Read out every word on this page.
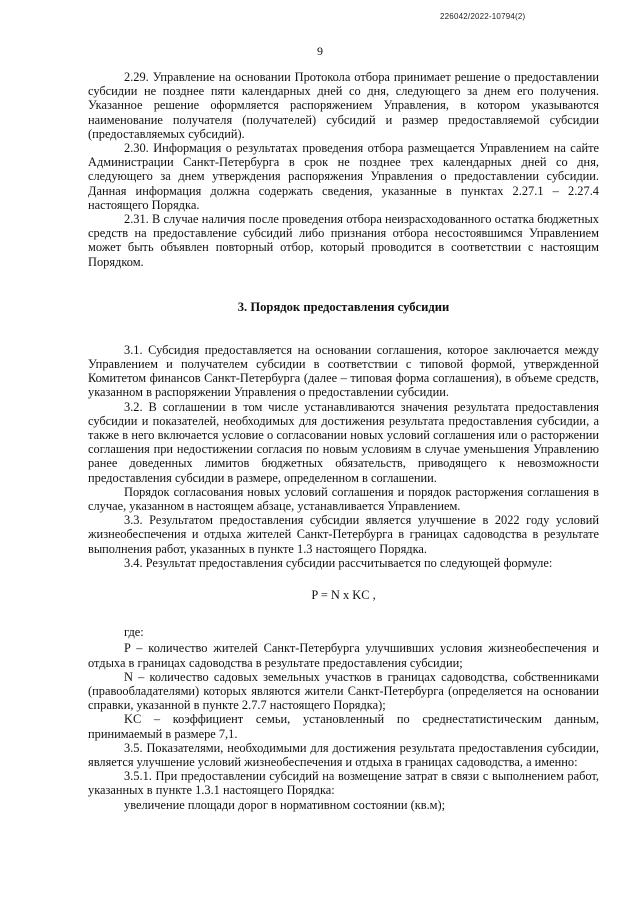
226042/2022-10794(2)
9

2.29. Управление на основании Протокола отбора принимает решение о предоставлении субсидии не позднее пяти календарных дней со дня, следующего за днем его получения. Указанное решение оформляется распоряжением Управления, в котором указываются наименование получателя (получателей) субсидий и размер предоставляемой субсидии (предоставляемых субсидий).

2.30. Информация о результатах проведения отбора размещается Управлением на сайте Администрации Санкт-Петербурга в срок не позднее трех календарных дней со дня, следующего за днем утверждения распоряжения Управления о предоставлении субсидии. Данная информация должна содержать сведения, указанные в пунктах 2.27.1 – 2.27.4 настоящего Порядка.

2.31. В случае наличия после проведения отбора неизрасходованного остатка бюджетных средств на предоставление субсидий либо признания отбора несостоявшимся Управлением может быть объявлен повторный отбор, который проводится в соответствии с настоящим Порядком.

3. Порядок предоставления субсидии

3.1. Субсидия предоставляется на основании соглашения, которое заключается между Управлением и получателем субсидии в соответствии с типовой формой, утвержденной Комитетом финансов Санкт-Петербурга (далее – типовая форма соглашения), в объеме средств, указанном в распоряжении Управления о предоставлении субсидии.

3.2. В соглашении в том числе устанавливаются значения результата предоставления субсидии и показателей, необходимых для достижения результата предоставления субсидии, а также в него включается условие о согласовании новых условий соглашения или о расторжении соглашения при недостижении согласия по новым условиям в случае уменьшения Управлению ранее доведенных лимитов бюджетных обязательств, приводящего к невозможности предоставления субсидии в размере, определенном в соглашении.

Порядок согласования новых условий соглашения и порядок расторжения соглашения в случае, указанном в настоящем абзаце, устанавливается Управлением.

3.3. Результатом предоставления субсидии является улучшение в 2022 году условий жизнеобеспечения и отдыха жителей Санкт-Петербурга в границах садоводства в результате выполнения работ, указанных в пункте 1.3 настоящего Порядка.

3.4. Результат предоставления субсидии рассчитывается по следующей формуле:

P = N x KC ,

где:

P – количество жителей Санкт-Петербурга улучшивших условия жизнеобеспечения и отдыха в границах садоводства в результате предоставления субсидии;

N – количество садовых земельных участков в границах садоводства, собственниками (правообладателями) которых являются жители Санкт-Петербурга (определяется на основании справки, указанной в пункте 2.7.7 настоящего Порядка);

KC – коэффициент семьи, установленный по среднестатистическим данным, принимаемый в размере 7,1.

3.5. Показателями, необходимыми для достижения результата предоставления субсидии, является улучшение условий жизнеобеспечения и отдыха в границах садоводства, а именно:

3.5.1. При предоставлении субсидий на возмещение затрат в связи с выполнением работ, указанных в пункте 1.3.1 настоящего Порядка:

увеличение площади дорог в нормативном состоянии (кв.м);
